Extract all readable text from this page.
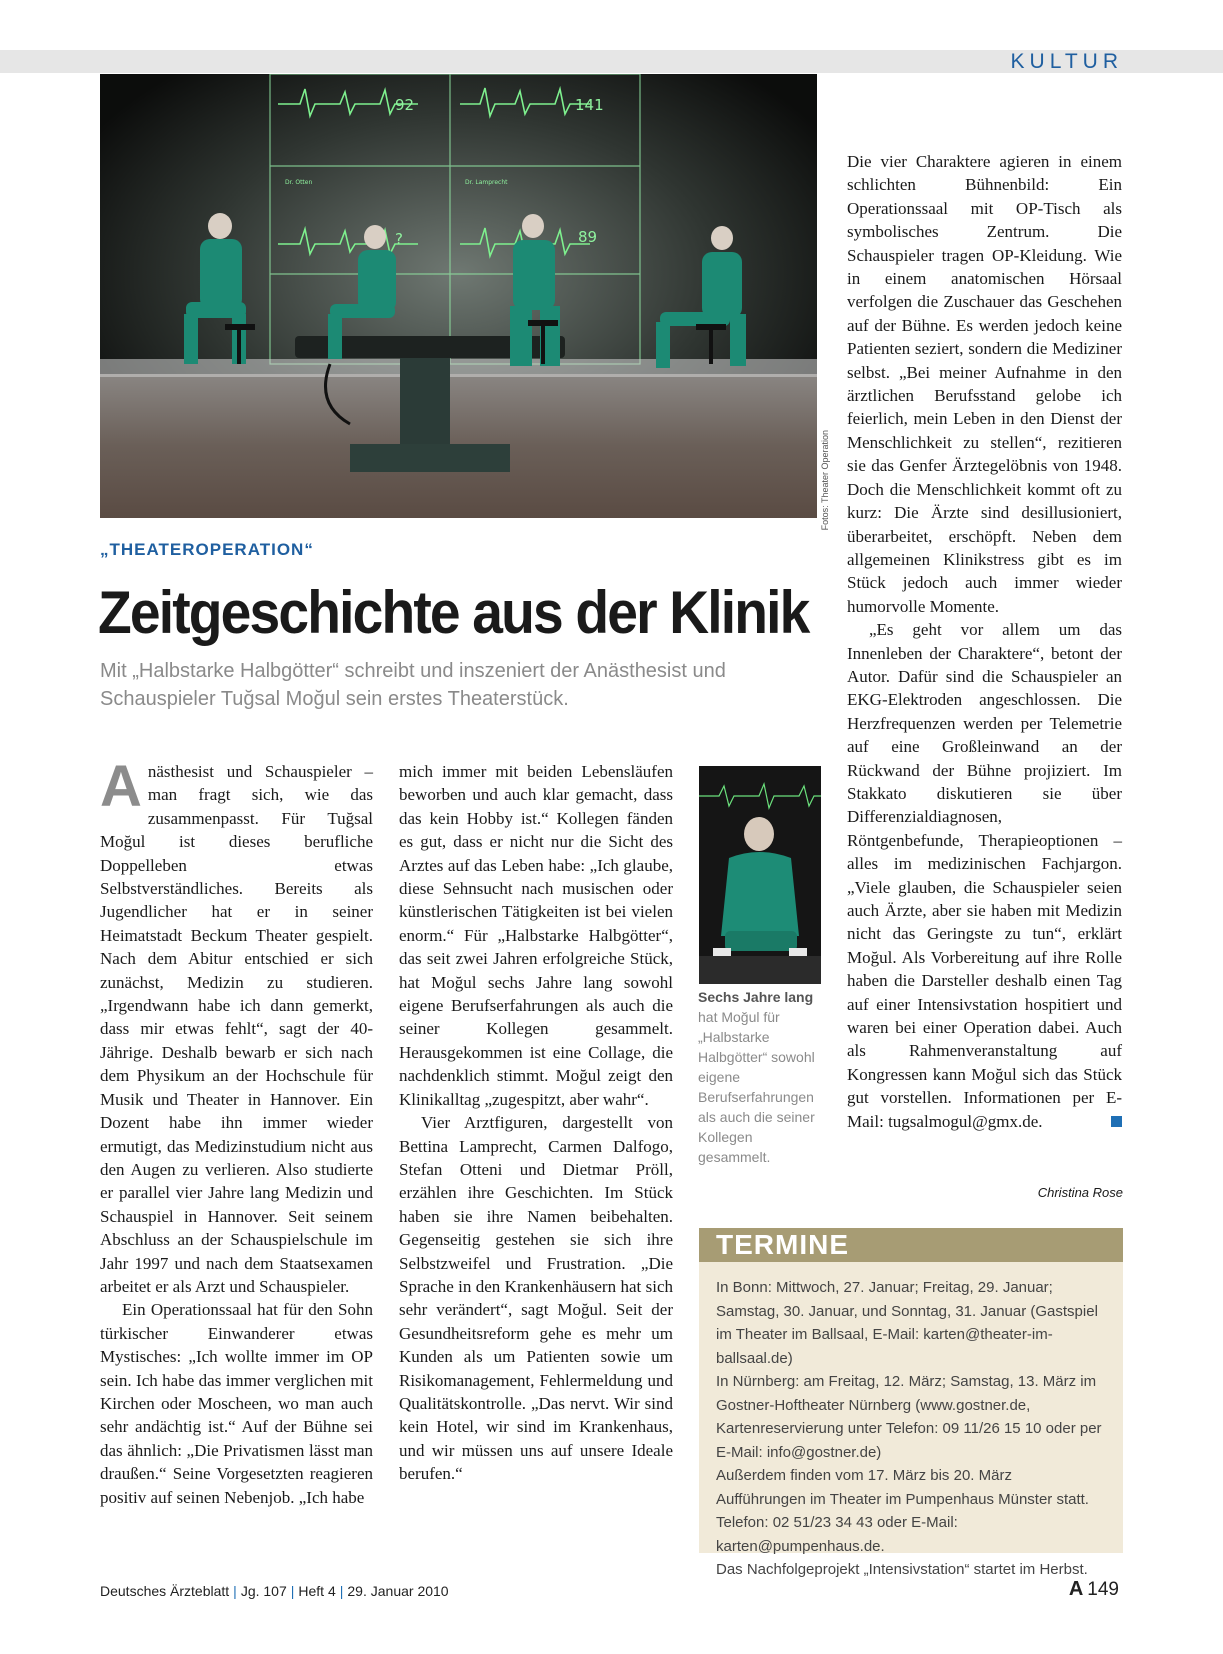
KULTUR
92	141
?	89
Dr. Otten	Dr. Lamprecht
Fotos: Theater Operation
„THEATEROPERATION“
Zeitgeschichte aus der Klinik
Mit „Halbstarke Halbgötter“ schreibt und inszeniert der Anästhesist und Schauspieler Tuğsal Moğul sein erstes Theaterstück.

Anästhesist und Schauspieler – man fragt sich, wie das zusammenpasst. Für Tuğsal Moğul ist dieses berufliche Doppelleben etwas Selbstverständliches. Bereits als Jugendlicher hat er in seiner Heimatstadt Beckum Theater gespielt. Nach dem Abitur entschied er sich zunächst, Medizin zu studieren. „Irgendwann habe ich dann gemerkt, dass mir etwas fehlt“, sagt der 40-Jährige. Deshalb bewarb er sich nach dem Physikum an der Hochschule für Musik und Theater in Hannover. Ein Dozent habe ihn immer wieder ermutigt, das Medizinstudium nicht aus den Augen zu verlieren. Also studierte er parallel vier Jahre lang Medizin und Schauspiel in Hannover. Seit seinem Abschluss an der Schauspielschule im Jahr 1997 und nach dem Staatsexamen arbeitet er als Arzt und Schauspieler.

Ein Operationssaal hat für den Sohn türkischer Einwanderer etwas Mystisches: „Ich wollte immer im OP sein. Ich habe das immer verglichen mit Kirchen oder Moscheen, wo man auch sehr andächtig ist.“ Auf der Bühne sei das ähnlich: „Die Privatismen lässt man draußen.“ Seine Vorgesetzten reagieren positiv auf seinen Nebenjob. „Ich habe

mich immer mit beiden Lebensläufen beworben und auch klar gemacht, dass das kein Hobby ist.“ Kollegen fänden es gut, dass er nicht nur die Sicht des Arztes auf das Leben habe: „Ich glaube, diese Sehnsucht nach musischen oder künstlerischen Tätigkeiten ist bei vielen enorm.“ Für „Halbstarke Halbgötter“, das seit zwei Jahren erfolgreiche Stück, hat Moğul sechs Jahre lang sowohl eigene Berufserfahrungen als auch die seiner Kollegen gesammelt. Herausgekommen ist eine Collage, die nachdenklich stimmt. Moğul zeigt den Klinikalltag „zugespitzt, aber wahr“.

Vier Arztfiguren, dargestellt von Bettina Lamprecht, Carmen Dalfogo, Stefan Otteni und Dietmar Pröll, erzählen ihre Geschichten. Im Stück haben sie ihre Namen beibehalten. Gegenseitig gestehen sie sich ihre Selbstzweifel und Frustration. „Die Sprache in den Krankenhäusern hat sich sehr verändert“, sagt Moğul. Seit der Gesundheitsreform gehe es mehr um Kunden als um Patienten sowie um Risikomanagement, Fehlermeldung und Qualitätskontrolle. „Das nervt. Wir sind kein Hotel, wir sind im Krankenhaus, und wir müssen uns auf unsere Ideale berufen.“

Sechs Jahre lang
hat Moğul für „Halbstarke Halbgötter“ sowohl eigene Berufserfahrungen als auch die seiner Kollegen gesammelt.

Die vier Charaktere agieren in einem schlichten Bühnenbild: Ein Operationssaal mit OP-Tisch als symbolisches Zentrum. Die Schauspieler tragen OP-Kleidung. Wie in einem anatomischen Hörsaal verfolgen die Zuschauer das Geschehen auf der Bühne. Es werden jedoch keine Patienten seziert, sondern die Mediziner selbst. „Bei meiner Aufnahme in den ärztlichen Berufsstand gelobe ich feierlich, mein Leben in den Dienst der Menschlichkeit zu stellen“, rezitieren sie das Genfer Ärztegelöbnis von 1948. Doch die Menschlichkeit kommt oft zu kurz: Die Ärzte sind desillusioniert, überarbeitet, erschöpft. Neben dem allgemeinen Klinikstress gibt es im Stück jedoch auch immer wieder humorvolle Momente.

„Es geht vor allem um das Innenleben der Charaktere“, betont der Autor. Dafür sind die Schauspieler an EKG-Elektroden angeschlossen. Die Herzfrequenzen werden per Telemetrie auf eine Großleinwand an der Rückwand der Bühne projiziert. Im Stakkato diskutieren sie über Differenzialdiagnosen, Röntgenbefunde, Therapieoptionen – alles im medizinischen Fachjargon. „Viele glauben, die Schauspieler seien auch Ärzte, aber sie haben mit Medizin nicht das Geringste zu tun“, erklärt Moğul. Als Vorbereitung auf ihre Rolle haben die Darsteller deshalb einen Tag auf einer Intensivstation hospitiert und waren bei einer Operation dabei. Auch als Rahmenveranstaltung auf Kongressen kann Moğul sich das Stück gut vorstellen. Informationen per E-Mail: tugsalmogul@gmx.de.

Christina Rose
TERMINE

In Bonn: Mittwoch, 27. Januar; Freitag, 29. Januar; Samstag, 30. Januar, und Sonntag, 31. Januar (Gastspiel im Theater im Ballsaal, E-Mail: karten@theater-im-ballsaal.de)

In Nürnberg: am Freitag, 12. März; Samstag, 13. März im Gostner-Hoftheater Nürnberg (www.gostner.de, Kartenreservierung unter Telefon: 09 11/26 15 10 oder per E-Mail: info@gostner.de)

Außerdem finden vom 17. März bis 20. März Aufführungen im Theater im Pumpenhaus Münster statt. Telefon: 02 51/23 34 43 oder E-Mail: karten@pumpenhaus.de.

Das Nachfolgeprojekt „Intensivstation“ startet im Herbst.

Deutsches Ärzteblatt | Jg. 107 | Heft 4 | 29. Januar 2010	A 149
